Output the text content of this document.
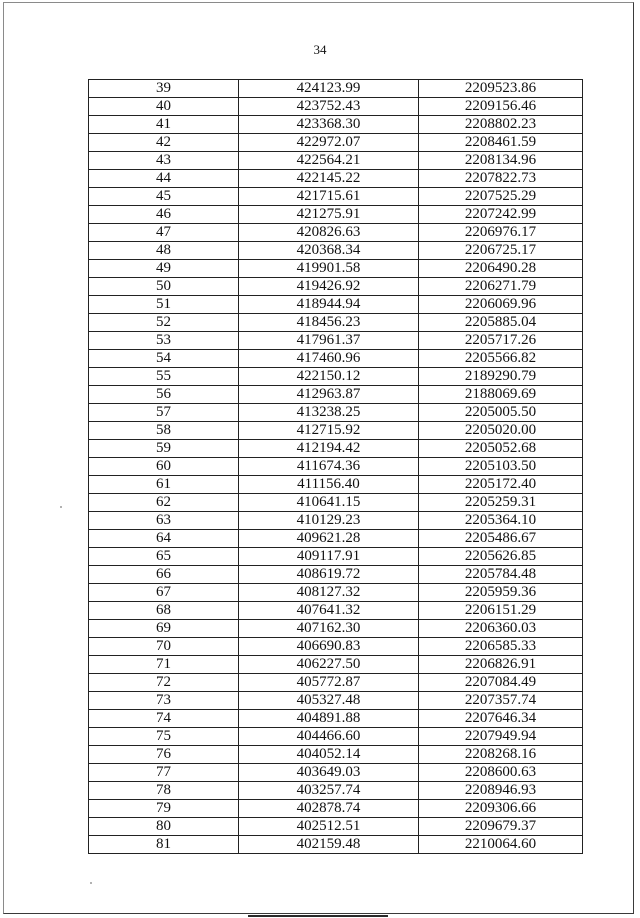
34
39	424123.99	2209523.86
40	423752.43	2209156.46
41	423368.30	2208802.23
42	422972.07	2208461.59
43	422564.21	2208134.96
44	422145.22	2207822.73
45	421715.61	2207525.29
46	421275.91	2207242.99
47	420826.63	2206976.17
48	420368.34	2206725.17
49	419901.58	2206490.28
50	419426.92	2206271.79
51	418944.94	2206069.96
52	418456.23	2205885.04
53	417961.37	2205717.26
54	417460.96	2205566.82
55	422150.12	2189290.79
56	412963.87	2188069.69
57	413238.25	2205005.50
58	412715.92	2205020.00
59	412194.42	2205052.68
60	411674.36	2205103.50
61	411156.40	2205172.40
62	410641.15	2205259.31
63	410129.23	2205364.10
64	409621.28	2205486.67
65	409117.91	2205626.85
66	408619.72	2205784.48
67	408127.32	2205959.36
68	407641.32	2206151.29
69	407162.30	2206360.03
70	406690.83	2206585.33
71	406227.50	2206826.91
72	405772.87	2207084.49
73	405327.48	2207357.74
74	404891.88	2207646.34
75	404466.60	2207949.94
76	404052.14	2208268.16
77	403649.03	2208600.63
78	403257.74	2208946.93
79	402878.74	2209306.66
80	402512.51	2209679.37
81	402159.48	2210064.60
